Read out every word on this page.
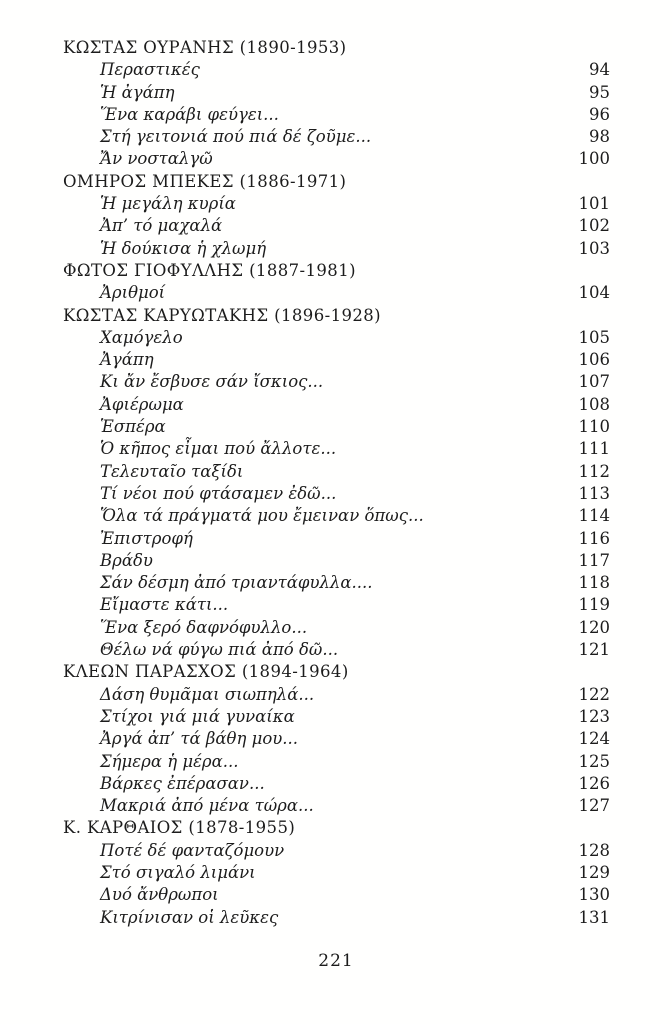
ΚΩΣΤΑΣ ΟΥΡΑΝΗΣ (1890-1953)
Περαστικές	94
Ἡ ἀγάπη	95
Ἕνα καράβι φεύγει...	96
Στή γειτονιά πού πιά δέ ζοῦμε...	98
Ἄν νοσταλγῶ	100
ΟΜΗΡΟΣ ΜΠΕΚΕΣ (1886-1971)
Ἡ μεγάλη κυρία	101
Ἀπ’ τό μαχαλά	102
Ἡ δούκισα ἡ χλωμή	103
ΦΩΤΟΣ ΓΙΟΦΥΛΛΗΣ (1887-1981)
Ἀριθμοί	104
ΚΩΣΤΑΣ ΚΑΡΥΩΤΑΚΗΣ (1896-1928)
Χαμόγελο	105
Ἀγάπη	106
Κι ἄν ἔσβυσε σάν ἴσκιος...	107
Ἀφιέρωμα	108
Ἑσπέρα	110
Ὁ κῆπος εἶμαι πού ἄλλοτε...	111
Τελευταῖο ταξίδι	112
Τί νέοι πού φτάσαμεν ἐδῶ...	113
Ὅλα τά πράγματά μου ἔμειναν ὅπως...	114
Ἐπιστροφή	116
Βράδυ	117
Σάν δέσμη ἀπό τριαντάφυλλα....	118
Εἴμαστε κάτι...	119
Ἕνα ξερό δαφνόφυλλο...	120
Θέλω νά φύγω πιά ἀπό δῶ...	121
ΚΛΕΩΝ ΠΑΡΑΣΧΟΣ (1894-1964)
Δάση θυμᾶμαι σιωπηλά...	122
Στίχοι γιά μιά γυναίκα	123
Ἀργά ἀπ’ τά βάθη μου...	124
Σήμερα ἡ μέρα...	125
Βάρκες ἐπέρασαν...	126
Μακριά ἀπό μένα τώρα...	127
Κ. ΚΑΡΘΑΙΟΣ (1878-1955)
Ποτέ δέ φανταζόμουν	128
Στό σιγαλό λιμάνι	129
Δυό ἄνθρωποι	130
Κιτρίνισαν οἱ λεῦκες	131
221
